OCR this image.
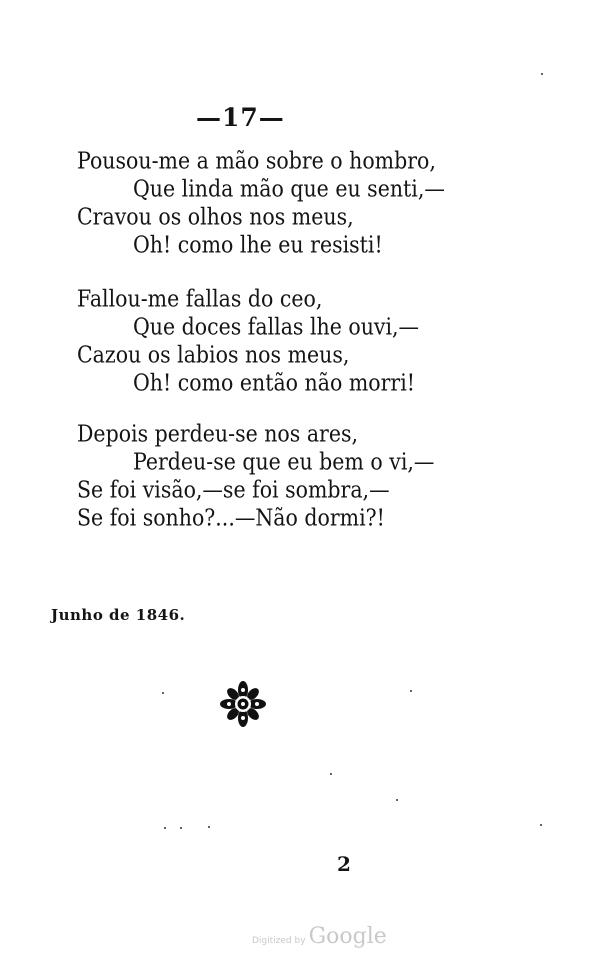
—17—
Pousou-me a mão sobre o hombro,
Que linda mão que eu senti,—
Cravou os olhos nos meus,
Oh! como lhe eu resisti!
Fallou-me fallas do ceo,
Que doces fallas lhe ouvi,—
Cazou os labios nos meus,
Oh! como então não morri!
Depois perdeu-se nos ares,
Perdeu-se que eu bem o vi,—
Se foi visão,—se foi sombra,—
Se foi sonho?...—Não dormi?!
Junho de 1846.
2
Digitized by Google
